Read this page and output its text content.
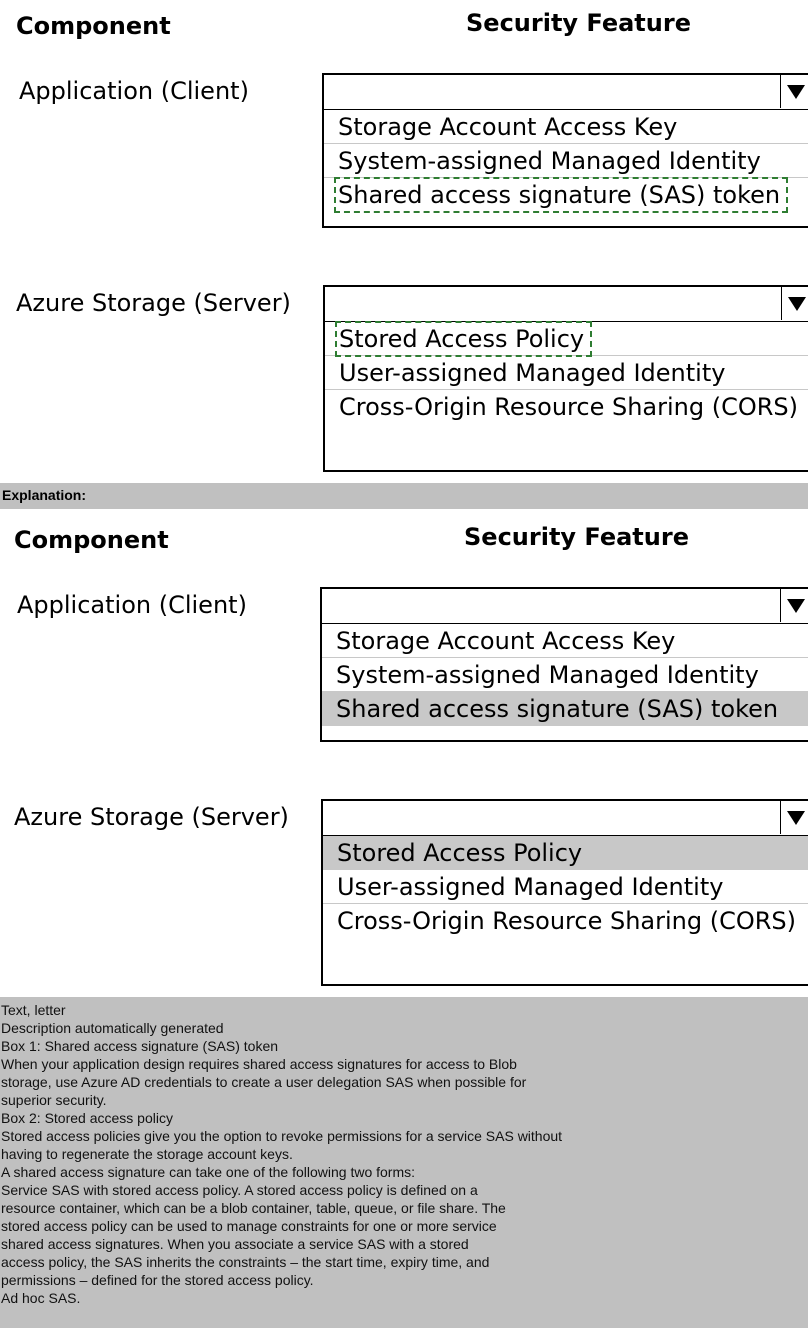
Component	Security Feature
Application (Client)
Storage Account Access Key
System-assigned Managed Identity
Shared access signature (SAS) token
Azure Storage (Server)
Stored Access Policy
User-assigned Managed Identity
Cross-Origin Resource Sharing (CORS)
Explanation:
Component	Security Feature
Application (Client)
Storage Account Access Key
System-assigned Managed Identity
Shared access signature (SAS) token
Azure Storage (Server)
Stored Access Policy
User-assigned Managed Identity
Cross-Origin Resource Sharing (CORS)
Text, letter
Description automatically generated
Box 1: Shared access signature (SAS) token
When your application design requires shared access signatures for access to Blob
storage, use Azure AD credentials to create a user delegation SAS when possible for
superior security.
Box 2: Stored access policy
Stored access policies give you the option to revoke permissions for a service SAS without
having to regenerate the storage account keys.
A shared access signature can take one of the following two forms:
Service SAS with stored access policy. A stored access policy is defined on a
resource container, which can be a blob container, table, queue, or file share. The
stored access policy can be used to manage constraints for one or more service
shared access signatures. When you associate a service SAS with a stored
access policy, the SAS inherits the constraints – the start time, expiry time, and
permissions – defined for the stored access policy.
Ad hoc SAS.
